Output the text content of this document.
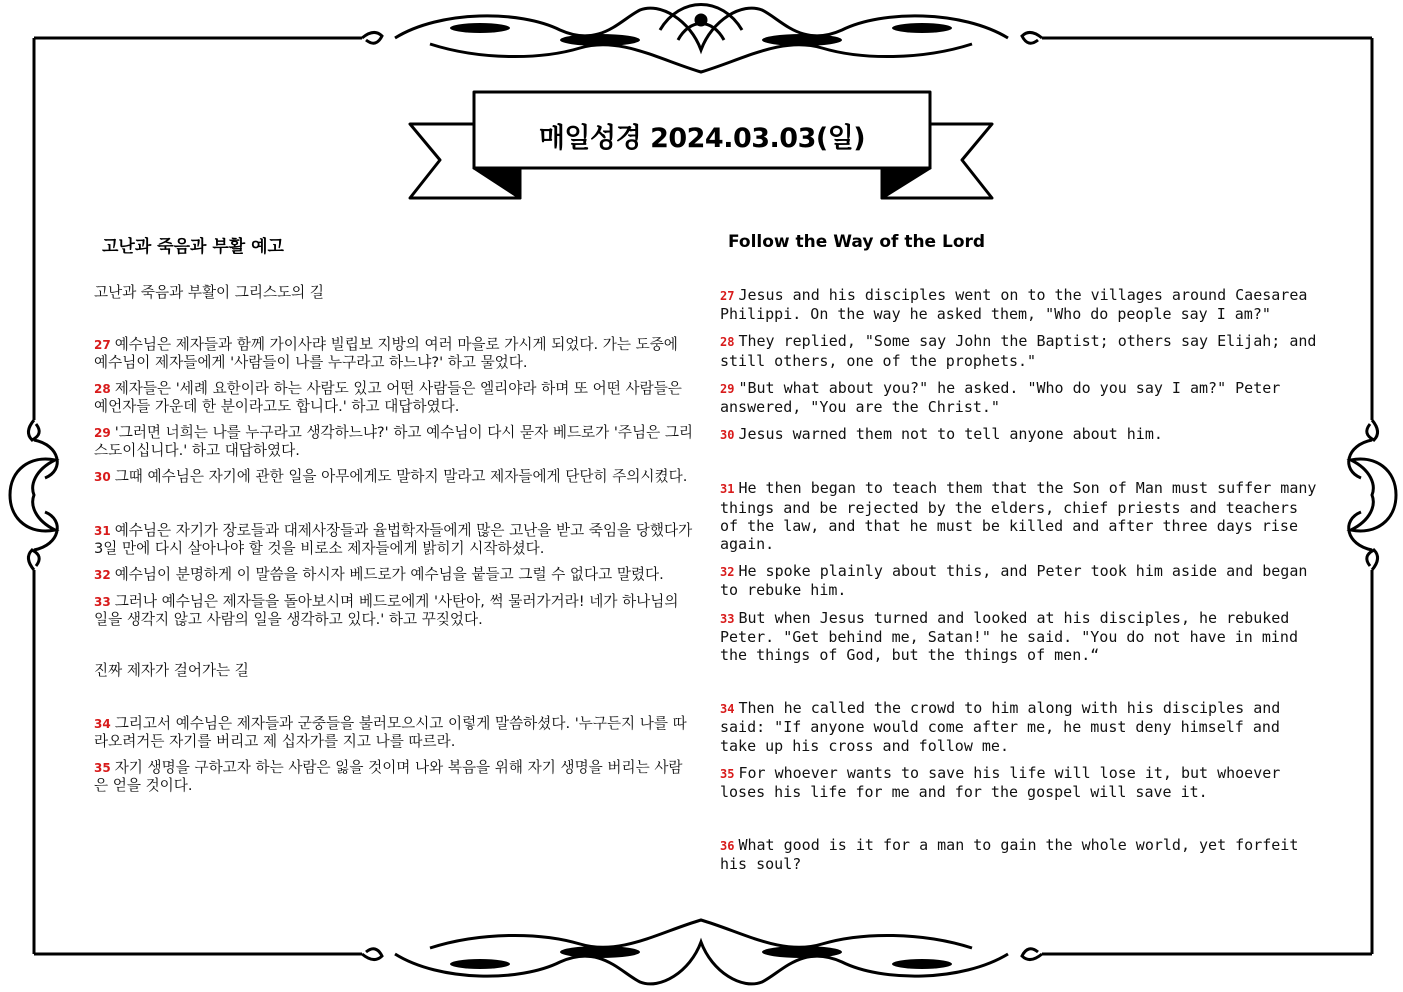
매일성경 2024.03.03(일)
고난과 죽음과 부활 예고	Follow the Way of the Lord

고난과 죽음과 부활이 그리스도의 길

27 예수님은 제자들과 함께 가이사랴 빌립보 지방의 여러 마을로 가시게 되었다. 가는 도중에 예수님이 제자들에게 '사람들이 나를 누구라고 하느냐?' 하고 물었다.

28 제자들은 '세례 요한이라 하는 사람도 있고 어떤 사람들은 엘리야라 하며 또 어떤 사람들은 예언자들 가운데 한 분이라고도 합니다.' 하고 대답하였다.

29 '그러면 너희는 나를 누구라고 생각하느냐?' 하고 예수님이 다시 묻자 베드로가 '주님은 그리스도이십니다.' 하고 대답하였다.

30 그때 예수님은 자기에 관한 일을 아무에게도 말하지 말라고 제자들에게 단단히 주의시켰다.

31 예수님은 자기가 장로들과 대제사장들과 율법학자들에게 많은 고난을 받고 죽임을 당했다가 3일 만에 다시 살아나야 할 것을 비로소 제자들에게 밝히기 시작하셨다.

32 예수님이 분명하게 이 말씀을 하시자 베드로가 예수님을 붙들고 그럴 수 없다고 말렸다.

33 그러나 예수님은 제자들을 돌아보시며 베드로에게 '사탄아, 썩 물러가거라! 네가 하나님의 일을 생각지 않고 사람의 일을 생각하고 있다.' 하고 꾸짖었다.

진짜 제자가 걸어가는 길

34 그리고서 예수님은 제자들과 군중들을 불러모으시고 이렇게 말씀하셨다. '누구든지 나를 따라오려거든 자기를 버리고 제 십자가를 지고 나를 따르라.

35 자기 생명을 구하고자 하는 사람은 잃을 것이며 나와 복음을 위해 자기 생명을 버리는 사람은 얻을 것이다.

27 Jesus and his disciples went on to the villages around Caesarea Philippi. On the way he asked them, "Who do people say I am?"

28 They replied, "Some say John the Baptist; others say Elijah; and still others, one of the prophets."

29 "But what about you?" he asked. "Who do you say I am?" Peter answered, "You are the Christ."

30 Jesus warned them not to tell anyone about him.

31 He then began to teach them that the Son of Man must suffer many things and be rejected by the elders, chief priests and teachers of the law, and that he must be killed and after three days rise again.

32 He spoke plainly about this, and Peter took him aside and began to rebuke him.

33 But when Jesus turned and looked at his disciples, he rebuked Peter. "Get behind me, Satan!" he said. "You do not have in mind the things of God, but the things of men.“

34 Then he called the crowd to him along with his disciples and said: "If anyone would come after me, he must deny himself and take up his cross and follow me.

35 For whoever wants to save his life will lose it, but whoever loses his life for me and for the gospel will save it.

36 What good is it for a man to gain the whole world, yet forfeit his soul?
